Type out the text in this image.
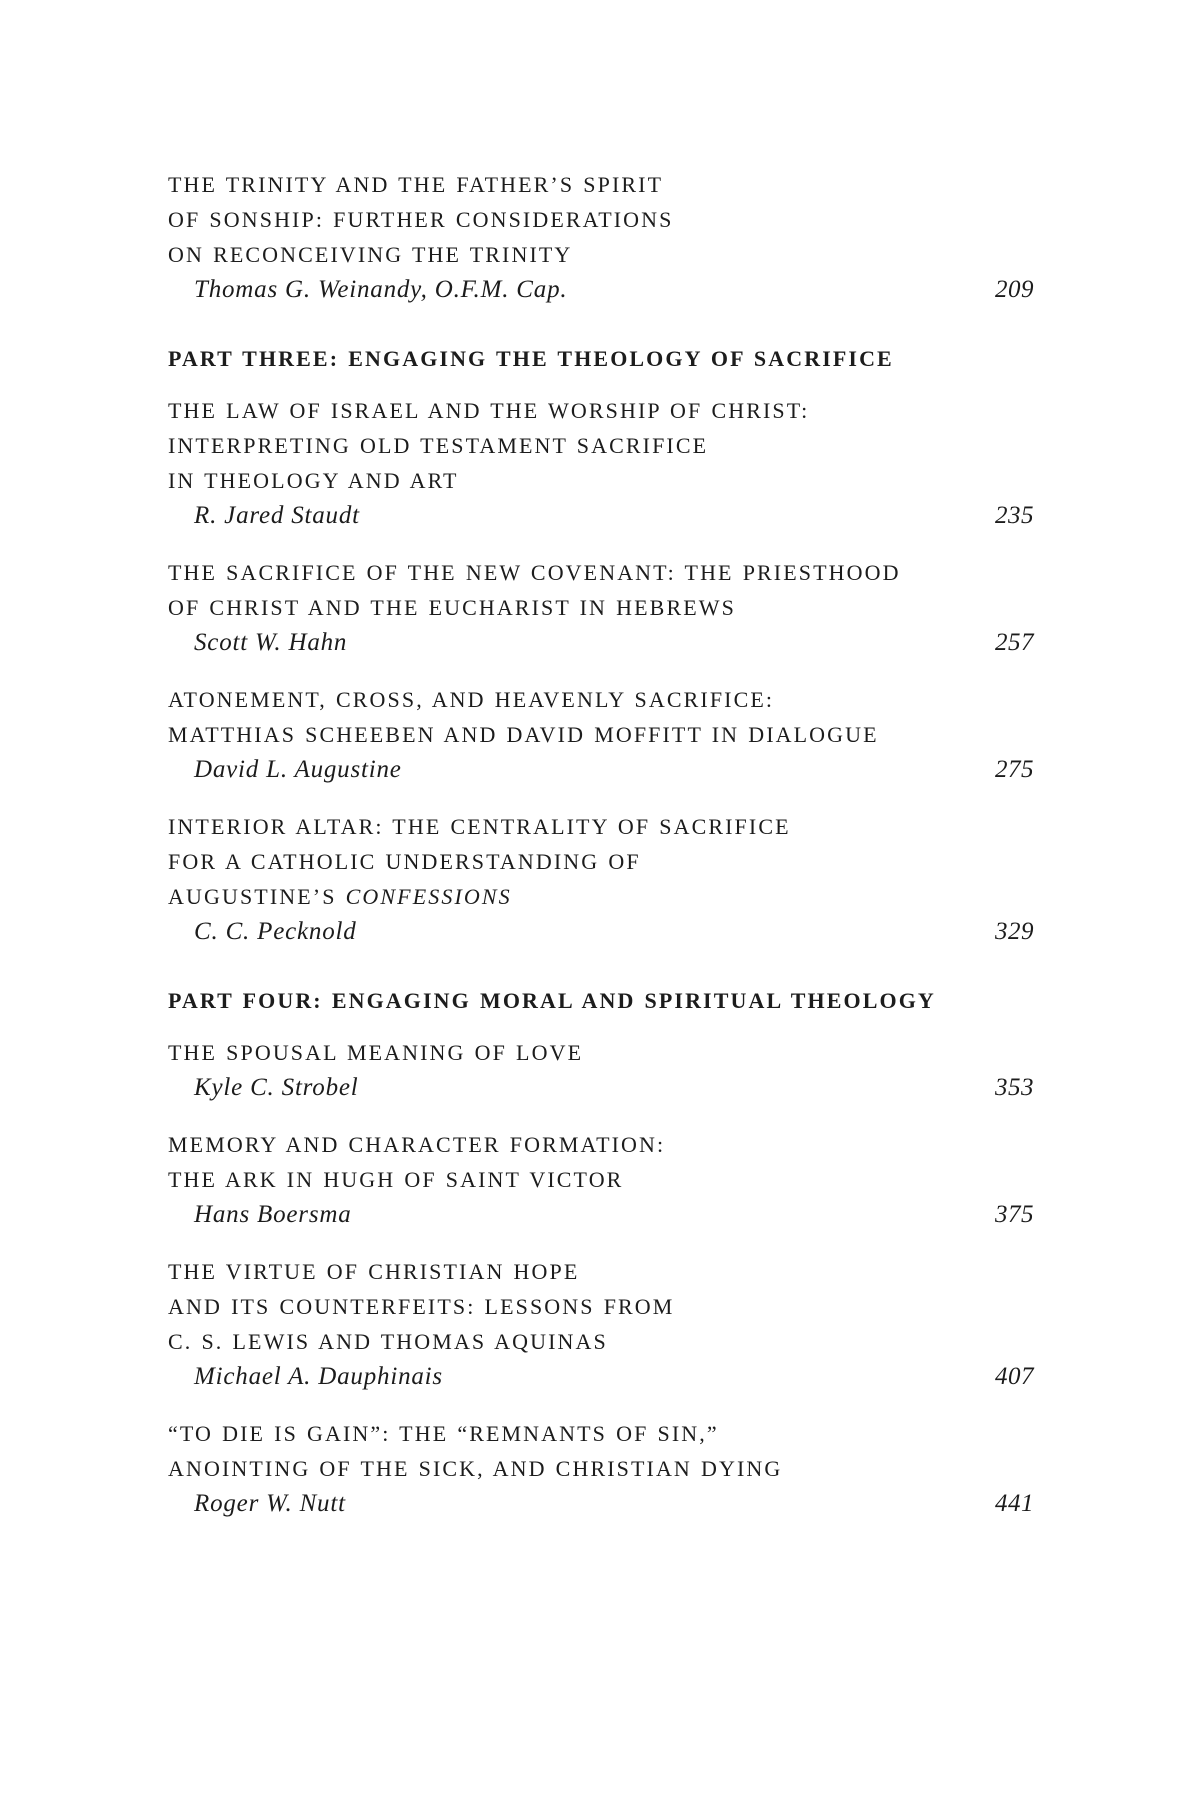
THE TRINITY AND THE FATHER’S SPIRIT
OF SONSHIP: FURTHER CONSIDERATIONS
ON RECONCEIVING THE TRINITY
Thomas G. Weinandy, O.F.M. Cap.	209
PART THREE: ENGAGING THE THEOLOGY OF SACRIFICE
THE LAW OF ISRAEL AND THE WORSHIP OF CHRIST:
INTERPRETING OLD TESTAMENT SACRIFICE
IN THEOLOGY AND ART
R. Jared Staudt	235
THE SACRIFICE OF THE NEW COVENANT: THE PRIESTHOOD
OF CHRIST AND THE EUCHARIST IN HEBREWS
Scott W. Hahn	257
ATONEMENT, CROSS, AND HEAVENLY SACRIFICE:
MATTHIAS SCHEEBEN AND DAVID MOFFITT IN DIALOGUE
David L. Augustine	275
INTERIOR ALTAR: THE CENTRALITY OF SACRIFICE
FOR A CATHOLIC UNDERSTANDING OF
AUGUSTINE’S CONFESSIONS
C. C. Pecknold	329
PART FOUR: ENGAGING MORAL AND SPIRITUAL THEOLOGY
THE SPOUSAL MEANING OF LOVE
Kyle C. Strobel	353
MEMORY AND CHARACTER FORMATION:
THE ARK IN HUGH OF SAINT VICTOR
Hans Boersma	375
THE VIRTUE OF CHRISTIAN HOPE
AND ITS COUNTERFEITS: LESSONS FROM
C. S. LEWIS AND THOMAS AQUINAS
Michael A. Dauphinais	407
“TO DIE IS GAIN”: THE “REMNANTS OF SIN,”
ANOINTING OF THE SICK, AND CHRISTIAN DYING
Roger W. Nutt	441
